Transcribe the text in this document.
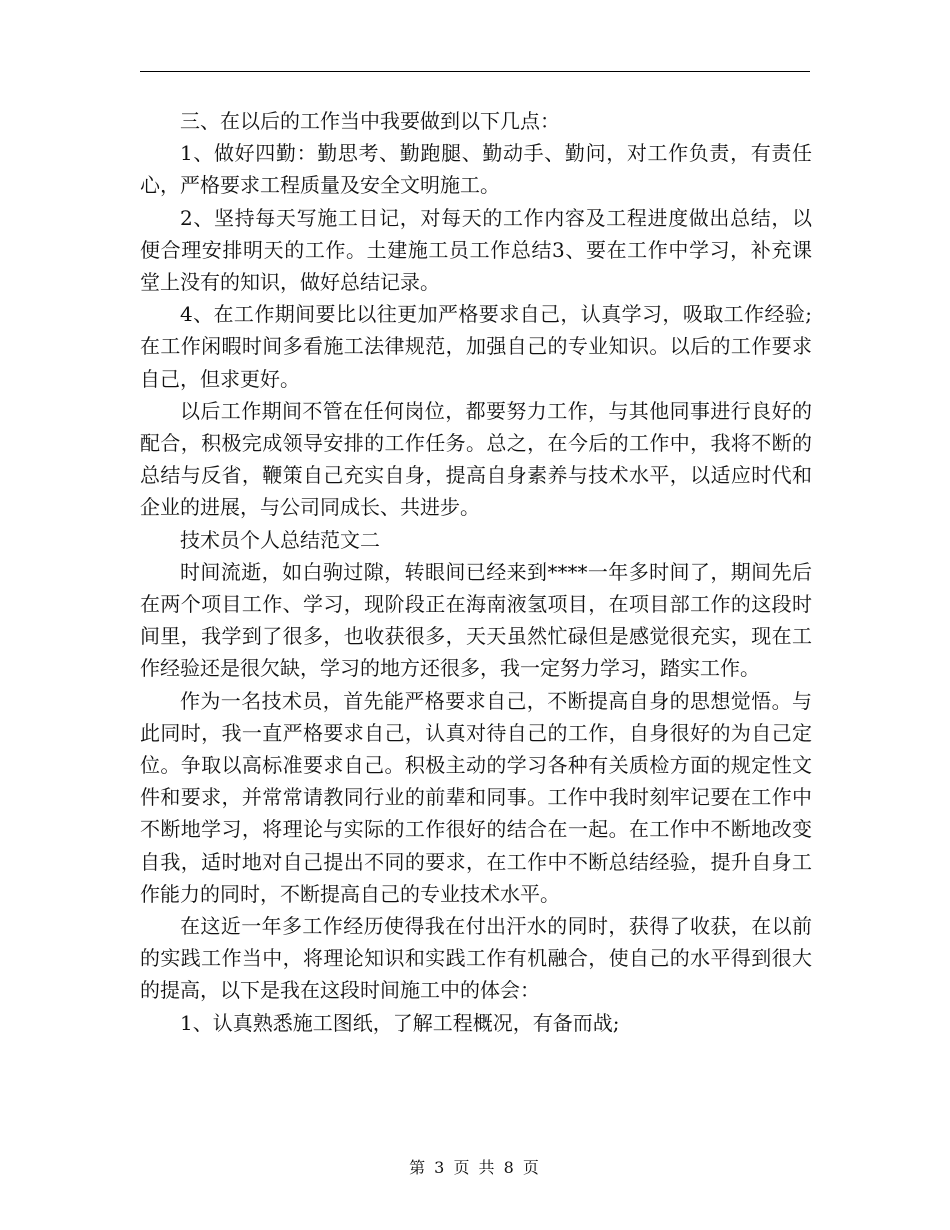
三、在以后的工作当中我要做到以下几点：

1、做好四勤：勤思考、勤跑腿、勤动手、勤问，对工作负责，有责任心，严格要求工程质量及安全文明施工。

2、坚持每天写施工日记，对每天的工作内容及工程进度做出总结，以便合理安排明天的工作。土建施工员工作总结3、要在工作中学习，补充课堂上没有的知识，做好总结记录。

4、在工作期间要比以往更加严格要求自己，认真学习，吸取工作经验;在工作闲暇时间多看施工法律规范，加强自己的专业知识。以后的工作要求自己，但求更好。

以后工作期间不管在任何岗位，都要努力工作，与其他同事进行良好的配合，积极完成领导安排的工作任务。总之，在今后的工作中，我将不断的总结与反省，鞭策自己充实自身，提高自身素养与技术水平，以适应时代和企业的进展，与公司同成长、共进步。

技术员个人总结范文二

时间流逝，如白驹过隙，转眼间已经来到****一年多时间了，期间先后在两个项目工作、学习，现阶段正在海南液氢项目，在项目部工作的这段时间里，我学到了很多，也收获很多，天天虽然忙碌但是感觉很充实，现在工作经验还是很欠缺，学习的地方还很多，我一定努力学习，踏实工作。

作为一名技术员，首先能严格要求自己，不断提高自身的思想觉悟。与此同时，我一直严格要求自己，认真对待自己的工作，自身很好的为自己定位。争取以高标准要求自己。积极主动的学习各种有关质检方面的规定性文件和要求，并常常请教同行业的前辈和同事。工作中我时刻牢记要在工作中不断地学习，将理论与实际的工作很好的结合在一起。在工作中不断地改变自我，适时地对自己提出不同的要求，在工作中不断总结经验，提升自身工作能力的同时，不断提高自己的专业技术水平。

在这近一年多工作经历使得我在付出汗水的同时，获得了收获，在以前的实践工作当中，将理论知识和实践工作有机融合，使自己的水平得到很大的提高，以下是我在这段时间施工中的体会：

1、认真熟悉施工图纸，了解工程概况，有备而战;

第 3 页 共 8 页
